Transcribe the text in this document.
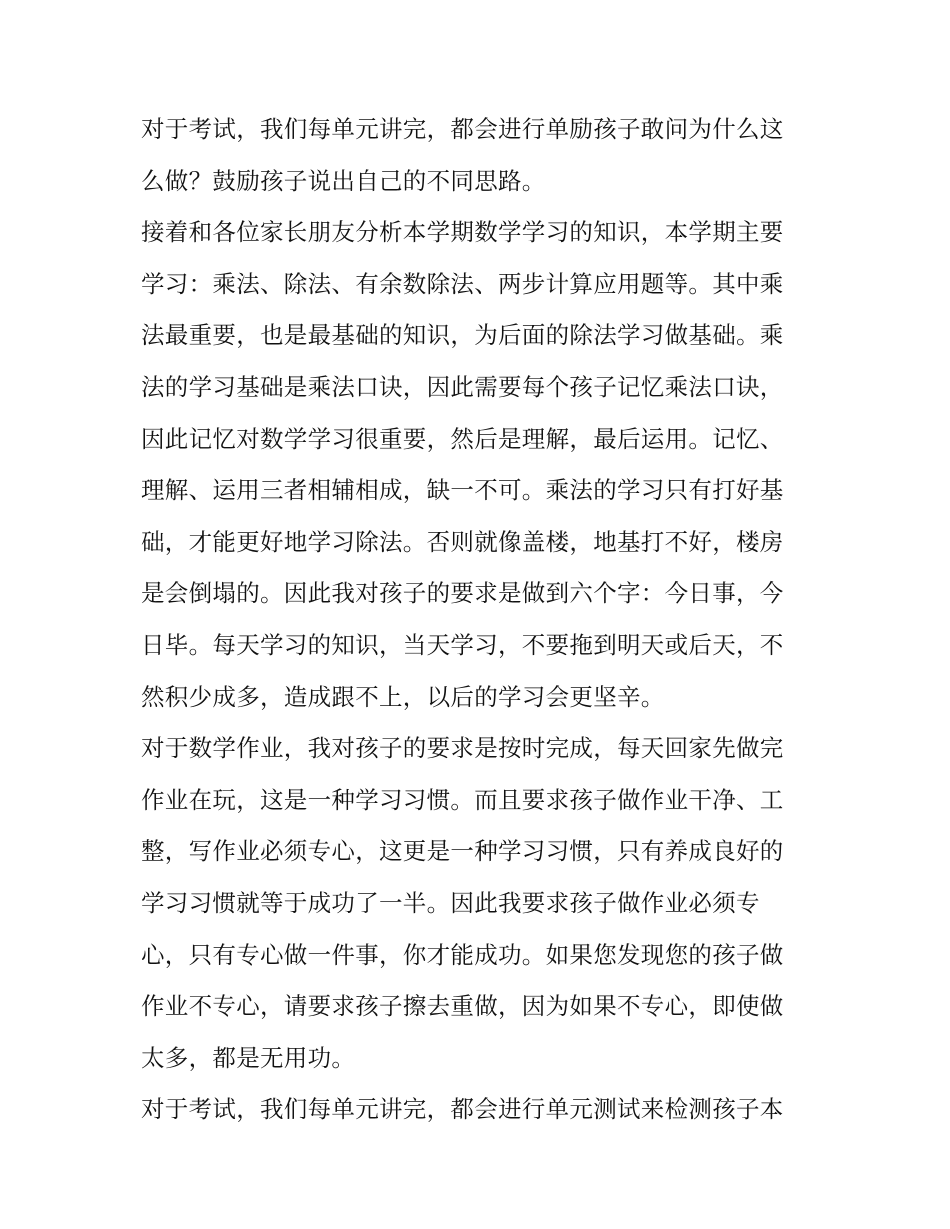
对于考试，我们每单元讲完，都会进行单励孩子敢问为什么这
么做？鼓励孩子说出自己的不同思路。
接着和各位家长朋友分析本学期数学学习的知识，本学期主要
学习：乘法、除法、有余数除法、两步计算应用题等。其中乘
法最重要，也是最基础的知识，为后面的除法学习做基础。乘
法的学习基础是乘法口诀，因此需要每个孩子记忆乘法口诀，
因此记忆对数学学习很重要，然后是理解，最后运用。记忆、
理解、运用三者相辅相成，缺一不可。乘法的学习只有打好基
础，才能更好地学习除法。否则就像盖楼，地基打不好，楼房
是会倒塌的。因此我对孩子的要求是做到六个字：今日事，今
日毕。每天学习的知识，当天学习，不要拖到明天或后天，不
然积少成多，造成跟不上，以后的学习会更坚辛。
对于数学作业，我对孩子的要求是按时完成，每天回家先做完
作业在玩，这是一种学习习惯。而且要求孩子做作业干净、工
整，写作业必须专心，这更是一种学习习惯，只有养成良好的
学习习惯就等于成功了一半。因此我要求孩子做作业必须专
心，只有专心做一件事，你才能成功。如果您发现您的孩子做
作业不专心，请要求孩子擦去重做，因为如果不专心，即使做
太多，都是无用功。
对于考试，我们每单元讲完，都会进行单元测试来检测孩子本
